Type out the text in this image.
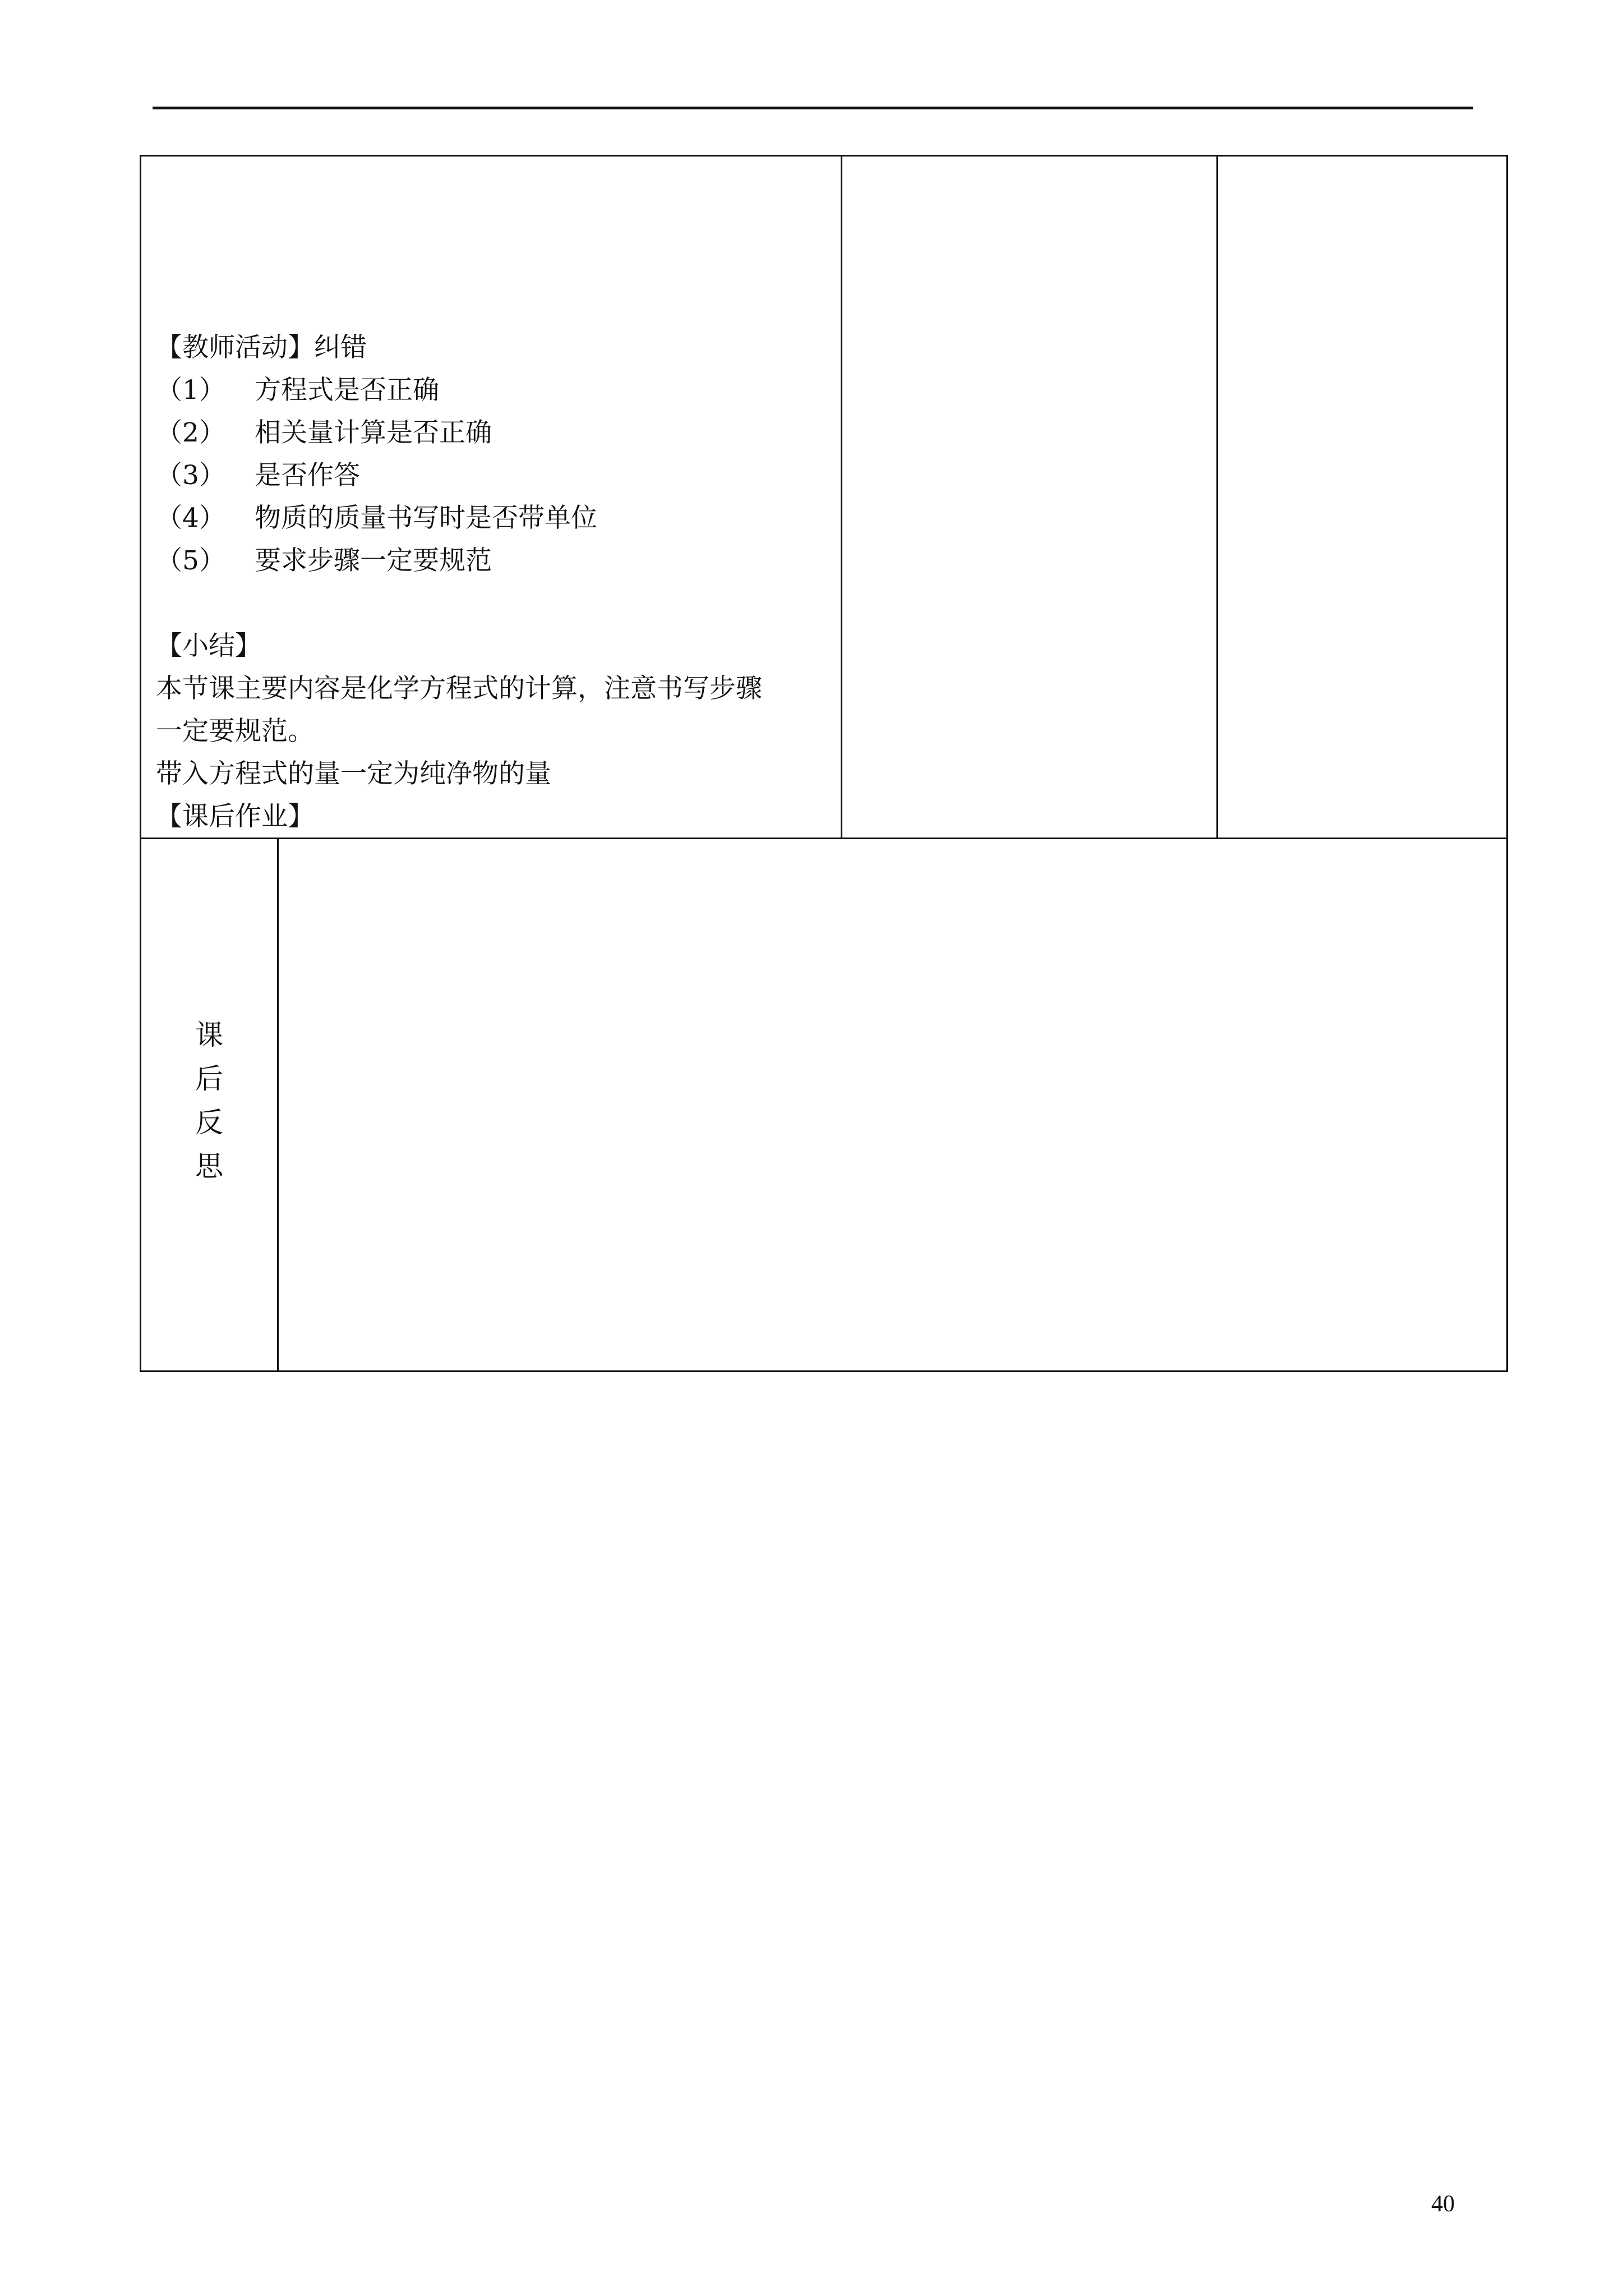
【教师活动】纠错
（1） 方程式是否正确
（2） 相关量计算是否正确
（3） 是否作答
（4） 物质的质量书写时是否带单位
（5） 要求步骤一定要规范
【小结】
本节课主要内容是化学方程式的计算，注意书写步骤
一定要规范。
带入方程式的量一定为纯净物的量
【课后作业】
课
后
反
思
40
